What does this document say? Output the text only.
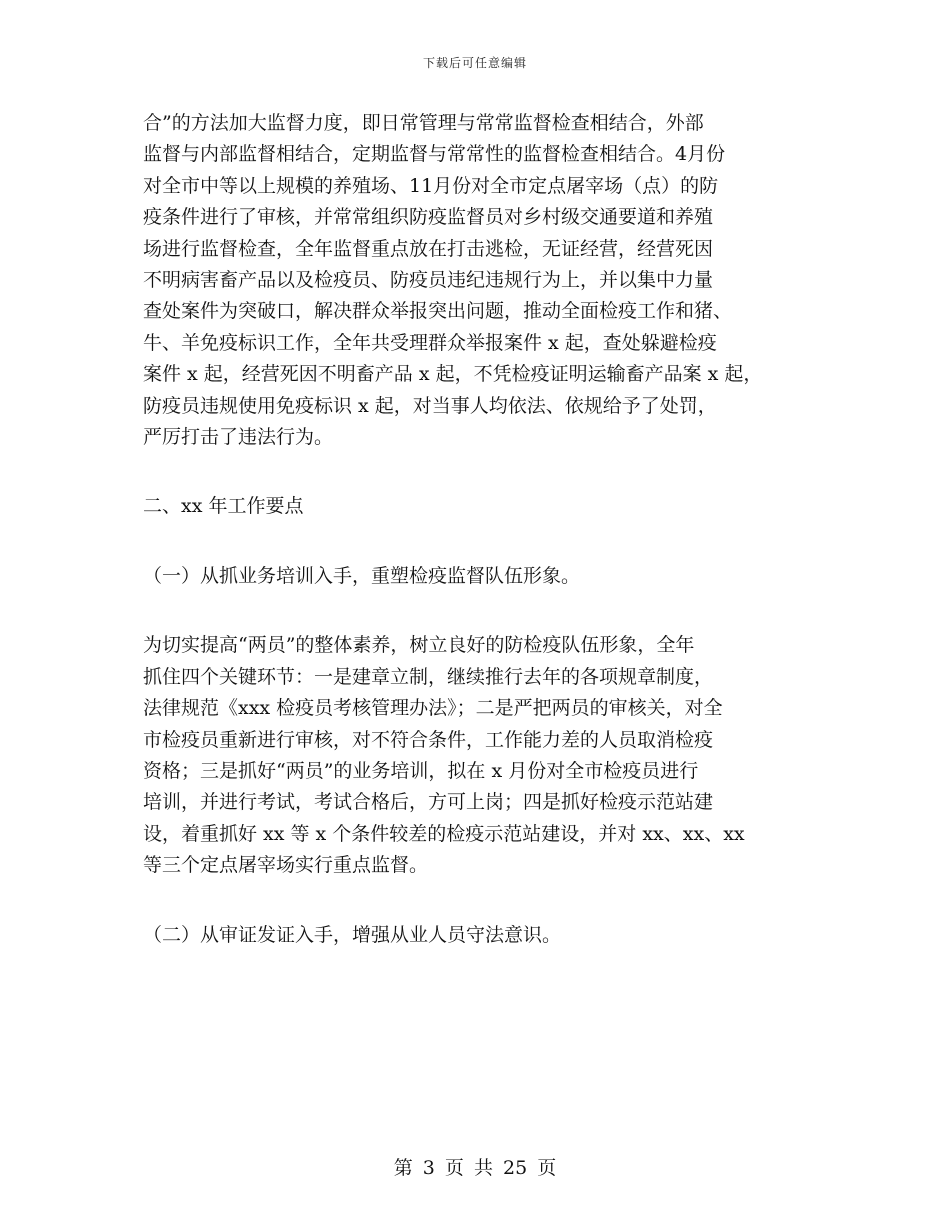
下载后可任意编辑

合”的方法加大监督力度，即日常管理与常常监督检查相结合，外部
监督与内部监督相结合，定期监督与常常性的监督检查相结合。4月份
对全市中等以上规模的养殖场、11月份对全市定点屠宰场（点）的防
疫条件进行了审核，并常常组织防疫监督员对乡村级交通要道和养殖
场进行监督检查，全年监督重点放在打击逃检，无证经营，经营死因
不明病害畜产品以及检疫员、防疫员违纪违规行为上，并以集中力量
查处案件为突破口，解决群众举报突出问题，推动全面检疫工作和猪、
牛、羊免疫标识工作，全年共受理群众举报案件 x 起，查处躲避检疫
案件 x 起，经营死因不明畜产品 x 起，不凭检疫证明运输畜产品案 x 起，
防疫员违规使用免疫标识 x 起，对当事人均依法、依规给予了处罚，
严厉打击了违法行为。

二、xx 年工作要点

（一）从抓业务培训入手，重塑检疫监督队伍形象。

为切实提高“两员”的整体素养，树立良好的防检疫队伍形象，全年
抓住四个关键环节：一是建章立制，继续推行去年的各项规章制度，
法律规范《xxx 检疫员考核管理办法》；二是严把两员的审核关，对全
市检疫员重新进行审核，对不符合条件，工作能力差的人员取消检疫
资格；三是抓好“两员”的业务培训，拟在 x 月份对全市检疫员进行
培训，并进行考试，考试合格后，方可上岗；四是抓好检疫示范站建
设，着重抓好 xx 等 x 个条件较差的检疫示范站建设，并对 xx、xx、xx
等三个定点屠宰场实行重点监督。

（二）从审证发证入手，增强从业人员守法意识。

第 3 页 共 25 页
